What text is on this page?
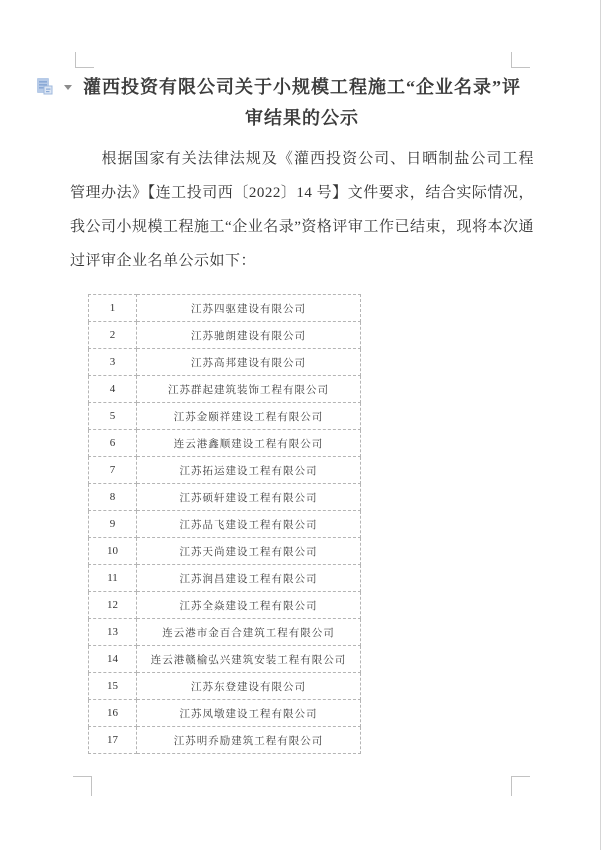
灌西投资有限公司关于小规模工程施工“企业名录”评
审结果的公示

根据国家有关法律法规及《灌西投资公司、日晒制盐公司工程管理办法》【连工投司西〔2022〕14 号】文件要求，结合实际情况，我公司小规模工程施工“企业名录”资格评审工作已结束，现将本次通过评审企业名单公示如下：

1	江苏四驱建设有限公司
2	江苏驰朗建设有限公司
3	江苏高邦建设有限公司
4	江苏群起建筑装饰工程有限公司
5	江苏金颐祥建设工程有限公司
6	连云港鑫顺建设工程有限公司
7	江苏拓运建设工程有限公司
8	江苏硕轩建设工程有限公司
9	江苏品飞建设工程有限公司
10	江苏天尚建设工程有限公司
11	江苏润昌建设工程有限公司
12	江苏全焱建设工程有限公司
13	连云港市金百合建筑工程有限公司
14	连云港赣榆弘兴建筑安装工程有限公司
15	江苏东登建设有限公司
16	江苏凤墩建设工程有限公司
17	江苏明乔励建筑工程有限公司
